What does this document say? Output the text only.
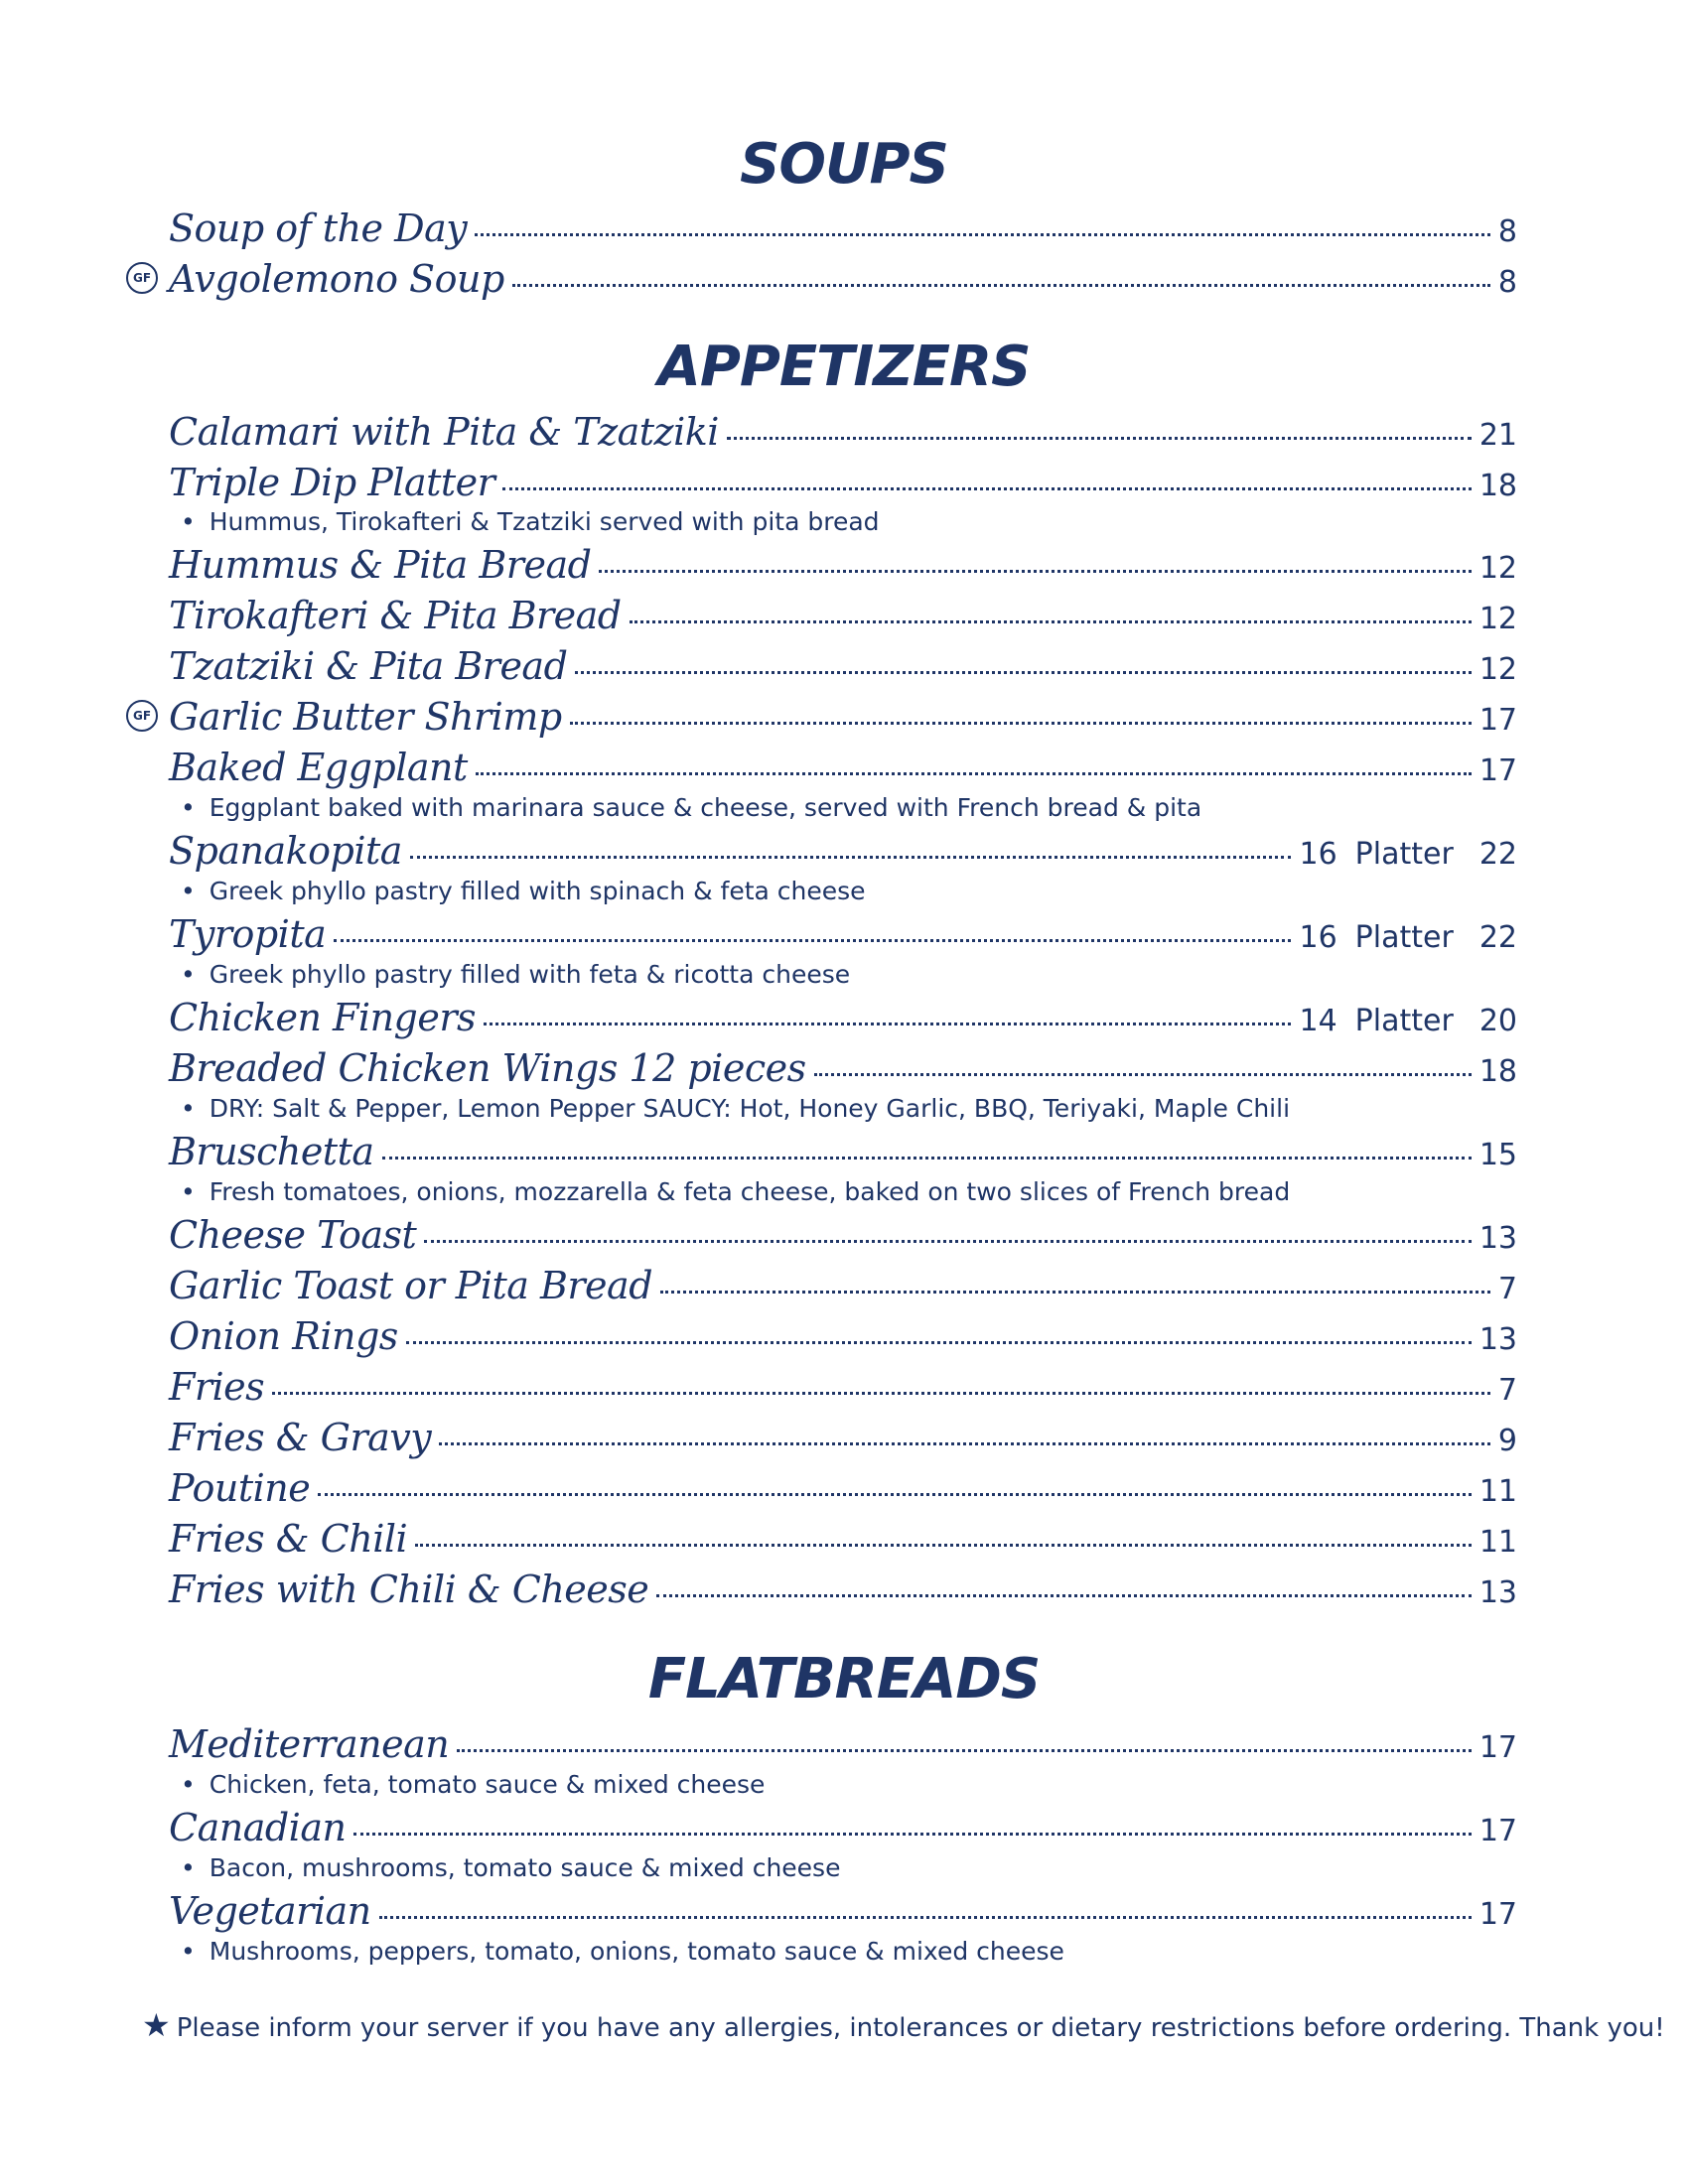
SOUPS
Soup of the Day	8
GF Avgolemono Soup	8
APPETIZERS
Calamari with Pita & Tzatziki	21
Triple Dip Platter	18
• Hummus, Tirokafteri & Tzatziki served with pita bread
Hummus & Pita Bread	12
Tirokafteri & Pita Bread	12
Tzatziki & Pita Bread	12
GF Garlic Butter Shrimp	17
Baked Eggplant	17
• Eggplant baked with marinara sauce & cheese, served with French bread & pita
Spanakopita	16 Platter 22
• Greek phyllo pastry filled with spinach & feta cheese
Tyropita	16 Platter 22
• Greek phyllo pastry filled with feta & ricotta cheese
Chicken Fingers	14 Platter 20
Breaded Chicken Wings 12 pieces	18
• DRY: Salt & Pepper, Lemon Pepper SAUCY: Hot, Honey Garlic, BBQ, Teriyaki, Maple Chili
Bruschetta	15
• Fresh tomatoes, onions, mozzarella & feta cheese, baked on two slices of French bread
Cheese Toast	13
Garlic Toast or Pita Bread	7
Onion Rings	13
Fries	7
Fries & Gravy	9
Poutine	11
Fries & Chili	11
Fries with Chili & Cheese	13
FLATBREADS
Mediterranean	17
• Chicken, feta, tomato sauce & mixed cheese
Canadian	17
• Bacon, mushrooms, tomato sauce & mixed cheese
Vegetarian	17
• Mushrooms, peppers, tomato, onions, tomato sauce & mixed cheese
★ Please inform your server if you have any allergies, intolerances or dietary restrictions before ordering. Thank you!
